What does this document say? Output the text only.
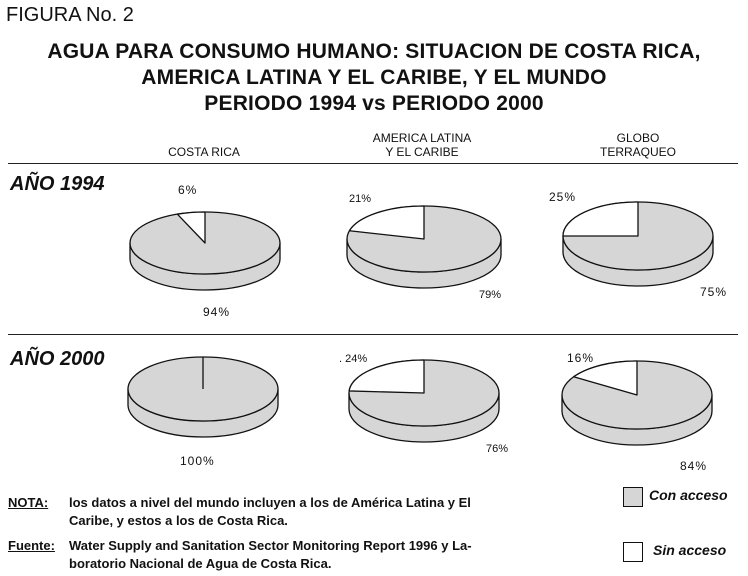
FIGURA No. 2
AGUA PARA CONSUMO HUMANO: SITUACION DE COSTA RICA,
AMERICA LATINA Y EL CARIBE, Y EL MUNDO
PERIODO 1994 vs PERIODO 2000
COSTA RICA
AMERICA LATINA
Y EL CARIBE
GLOBO
TERRAQUEO
AÑO 1994
AÑO 2000
6%
94%
21%
79%
25%
75%
100%
. 24%
76%
16%
84%
NOTA: los datos a nivel del mundo incluyen a los de América Latina y El
Caribe, y estos a los de Costa Rica.
Fuente: Water Supply and Sanitation Sector Monitoring Report 1996 y La-
boratorio Nacional de Agua de Costa Rica.
Con acceso
Sin acceso
